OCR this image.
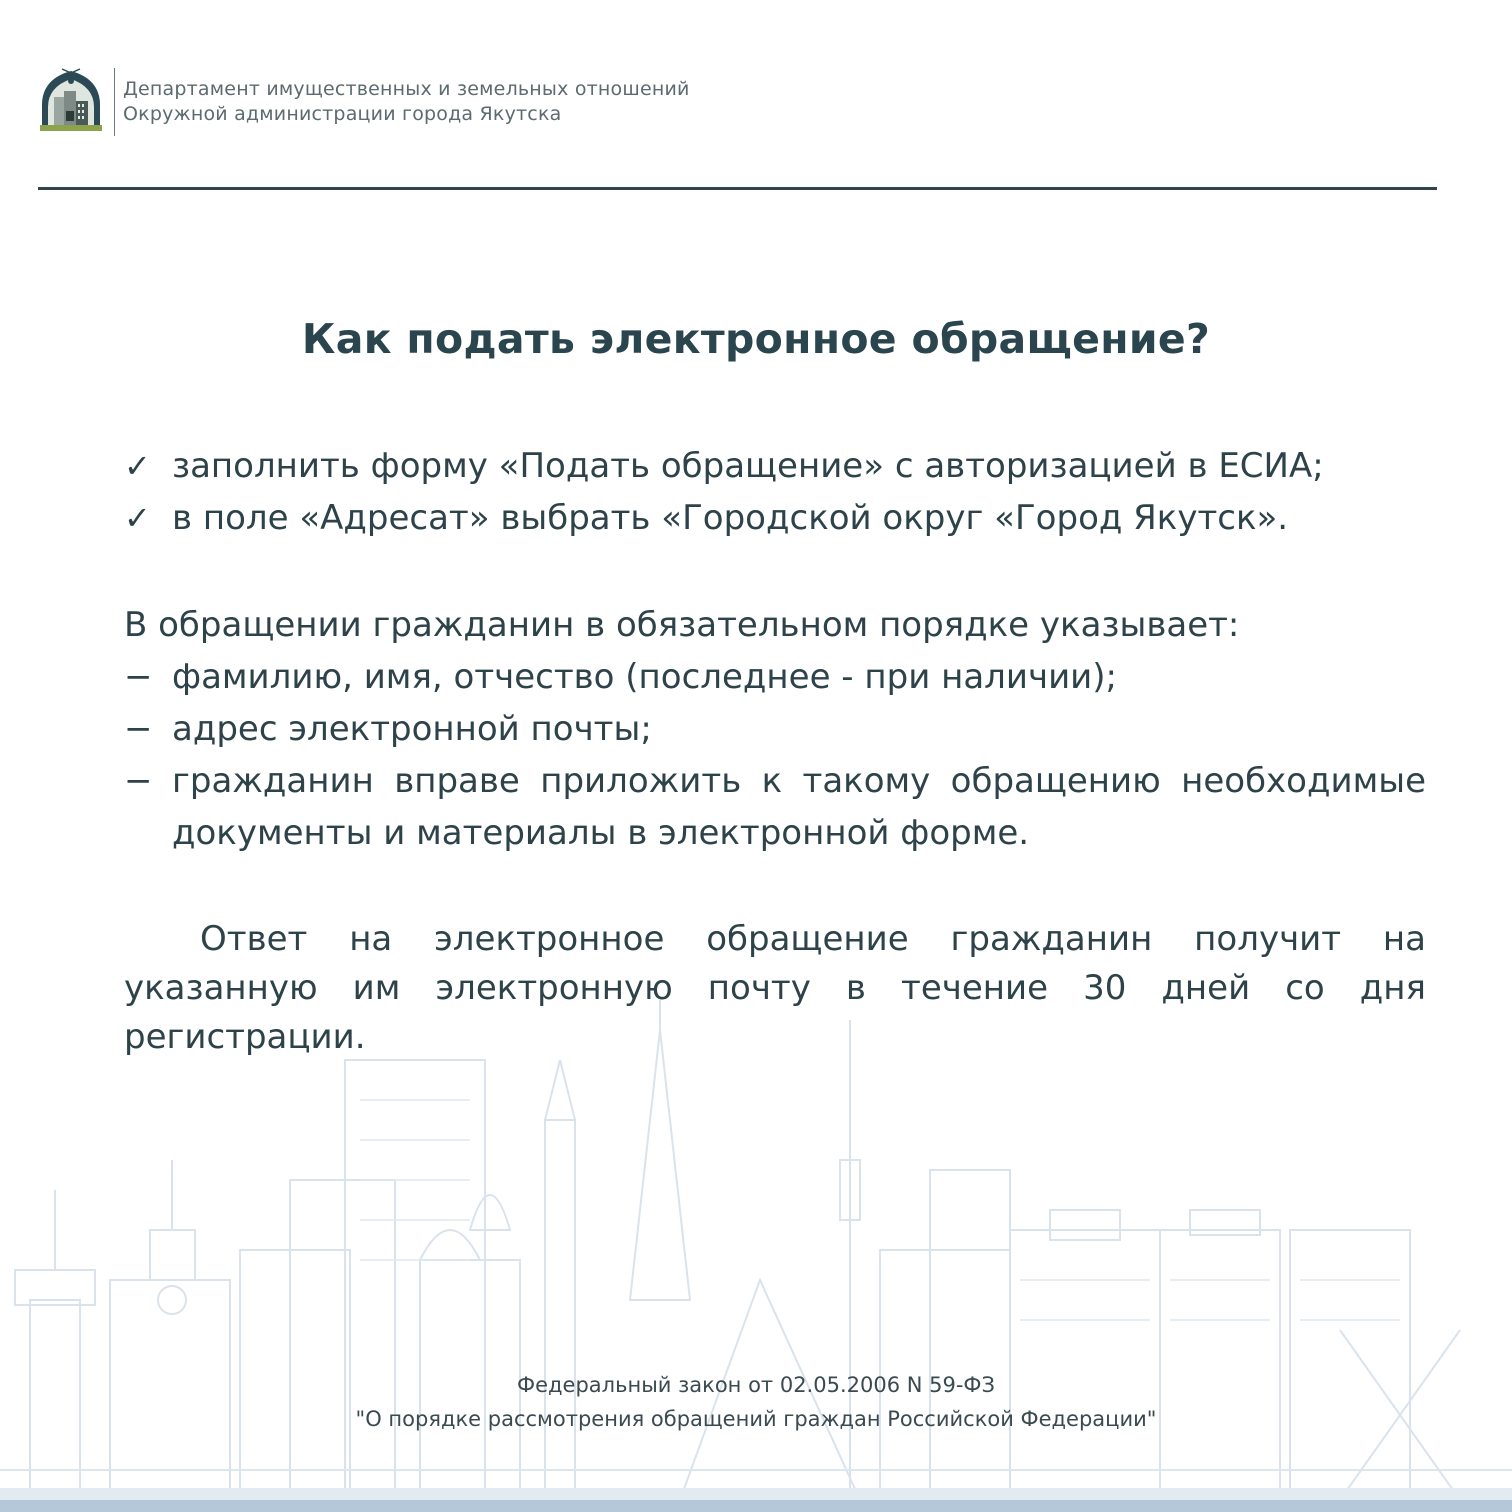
Департамент имущественных и земельных отношений
Окружной администрации города Якутска
Как подать электронное обращение?
✓ заполнить форму «Подать обращение» с авторизацией в ЕСИА;
✓ в поле «Адресат» выбрать «Городской округ «Город Якутск».
В обращении гражданин в обязательном порядке указывает:
− фамилию, имя, отчество (последнее - при наличии);
− адрес электронной почты;
− гражданин вправе приложить к такому обращению необходимые документы и материалы в электронной форме.

Ответ на электронное обращение гражданин получит на указанную им электронную почту в течение 30 дней со дня регистрации.

Федеральный закон от 02.05.2006 N 59-ФЗ
"О порядке рассмотрения обращений граждан Российской Федерации"
